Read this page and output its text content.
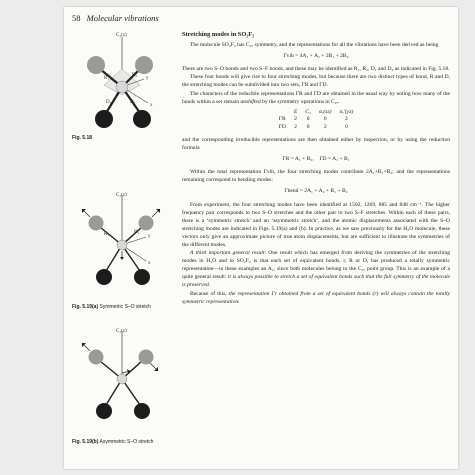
58 Molecular vibrations
C₂(z)
y
x
R₁
R₂
D₁	D₂
Fig. 5.18
C₂(z)
y
x
R₁	R₂
Fig. 5.19(a) Symmetric S–O stretch
C₂(z)
Fig. 5.19(b) Asymmetric S–O stretch
Stretching modes in SO₂F₂

The molecule SO₂F₂ has C₂ᵥ symmetry, and the representations for all the vibrations have been derived as being

Γvib = 4A₁ + A₂ + 2B₁ + 2B₂

There are two S–O bonds and two S–F bonds, and these may be identified as R₁, R₂, D₁ and D₂ as indicated in Fig. 5.18.

These four bonds will give rise to four stretching modes, but because there are two distinct types of bond, R and D, the stretching modes can be subdivided into two sets, ΓR and ΓD.

The characters of the reducible representations ΓR and ΓD are obtained in the usual way by noting how many of the bonds within a set remain unshifted by the symmetry operations in C₂ᵥ.

	E	C₂	σᵥ(xz)	σᵥ′(yz)
ΓR	2	0	0	2
ΓD	2	0	2	0

and the corresponding irreducible representations are then obtained either by inspection, or by using the reduction formula

ΓR = A₁ + B₂, ΓD = A₁ + B₁

Within the total representation Γvib, the four stretching modes contribute 2A₁+B₁+B₂; and the representations remaining correspond to bending modes:

Γbend = 2A₁ + A₂ + B₁ + B₂

From experiment, the four stretching modes have been identified at 1502, 1269, 885 and 848 cm⁻¹. The higher frequency pair corresponds to two S–O stretches and the other pair to two S–F stretches. Within each of these pairs, there is a ‘symmetric stretch’ and an ‘asymmetric stretch’, and the atomic displacements associated with the S–O stretching modes are indicated in Figs. 5.19(a) and (b). In practice, as we saw previously for the H₂O molecule, these vectors only give an approximate picture of true atom displacements, but are sufficient to illustrate the symmetries of the different modes.

A third important general result: One result which has emerged from deriving the symmetries of the stretching modes in H₂O and in SO₂F₂ is that each set of equivalent bonds, r, R or D, has produced a totally symmetric representation—in these examples an A₁, since both molecules belong to the C₂ᵥ point group. This is an example of a quite general result: it is always possible to stretch a set of equivalent bonds such that the full symmetry of the molecule is preserved.

Because of this, the representation Γr obtained from a set of equivalent bonds (r) will always contain the totally symmetric representation.
